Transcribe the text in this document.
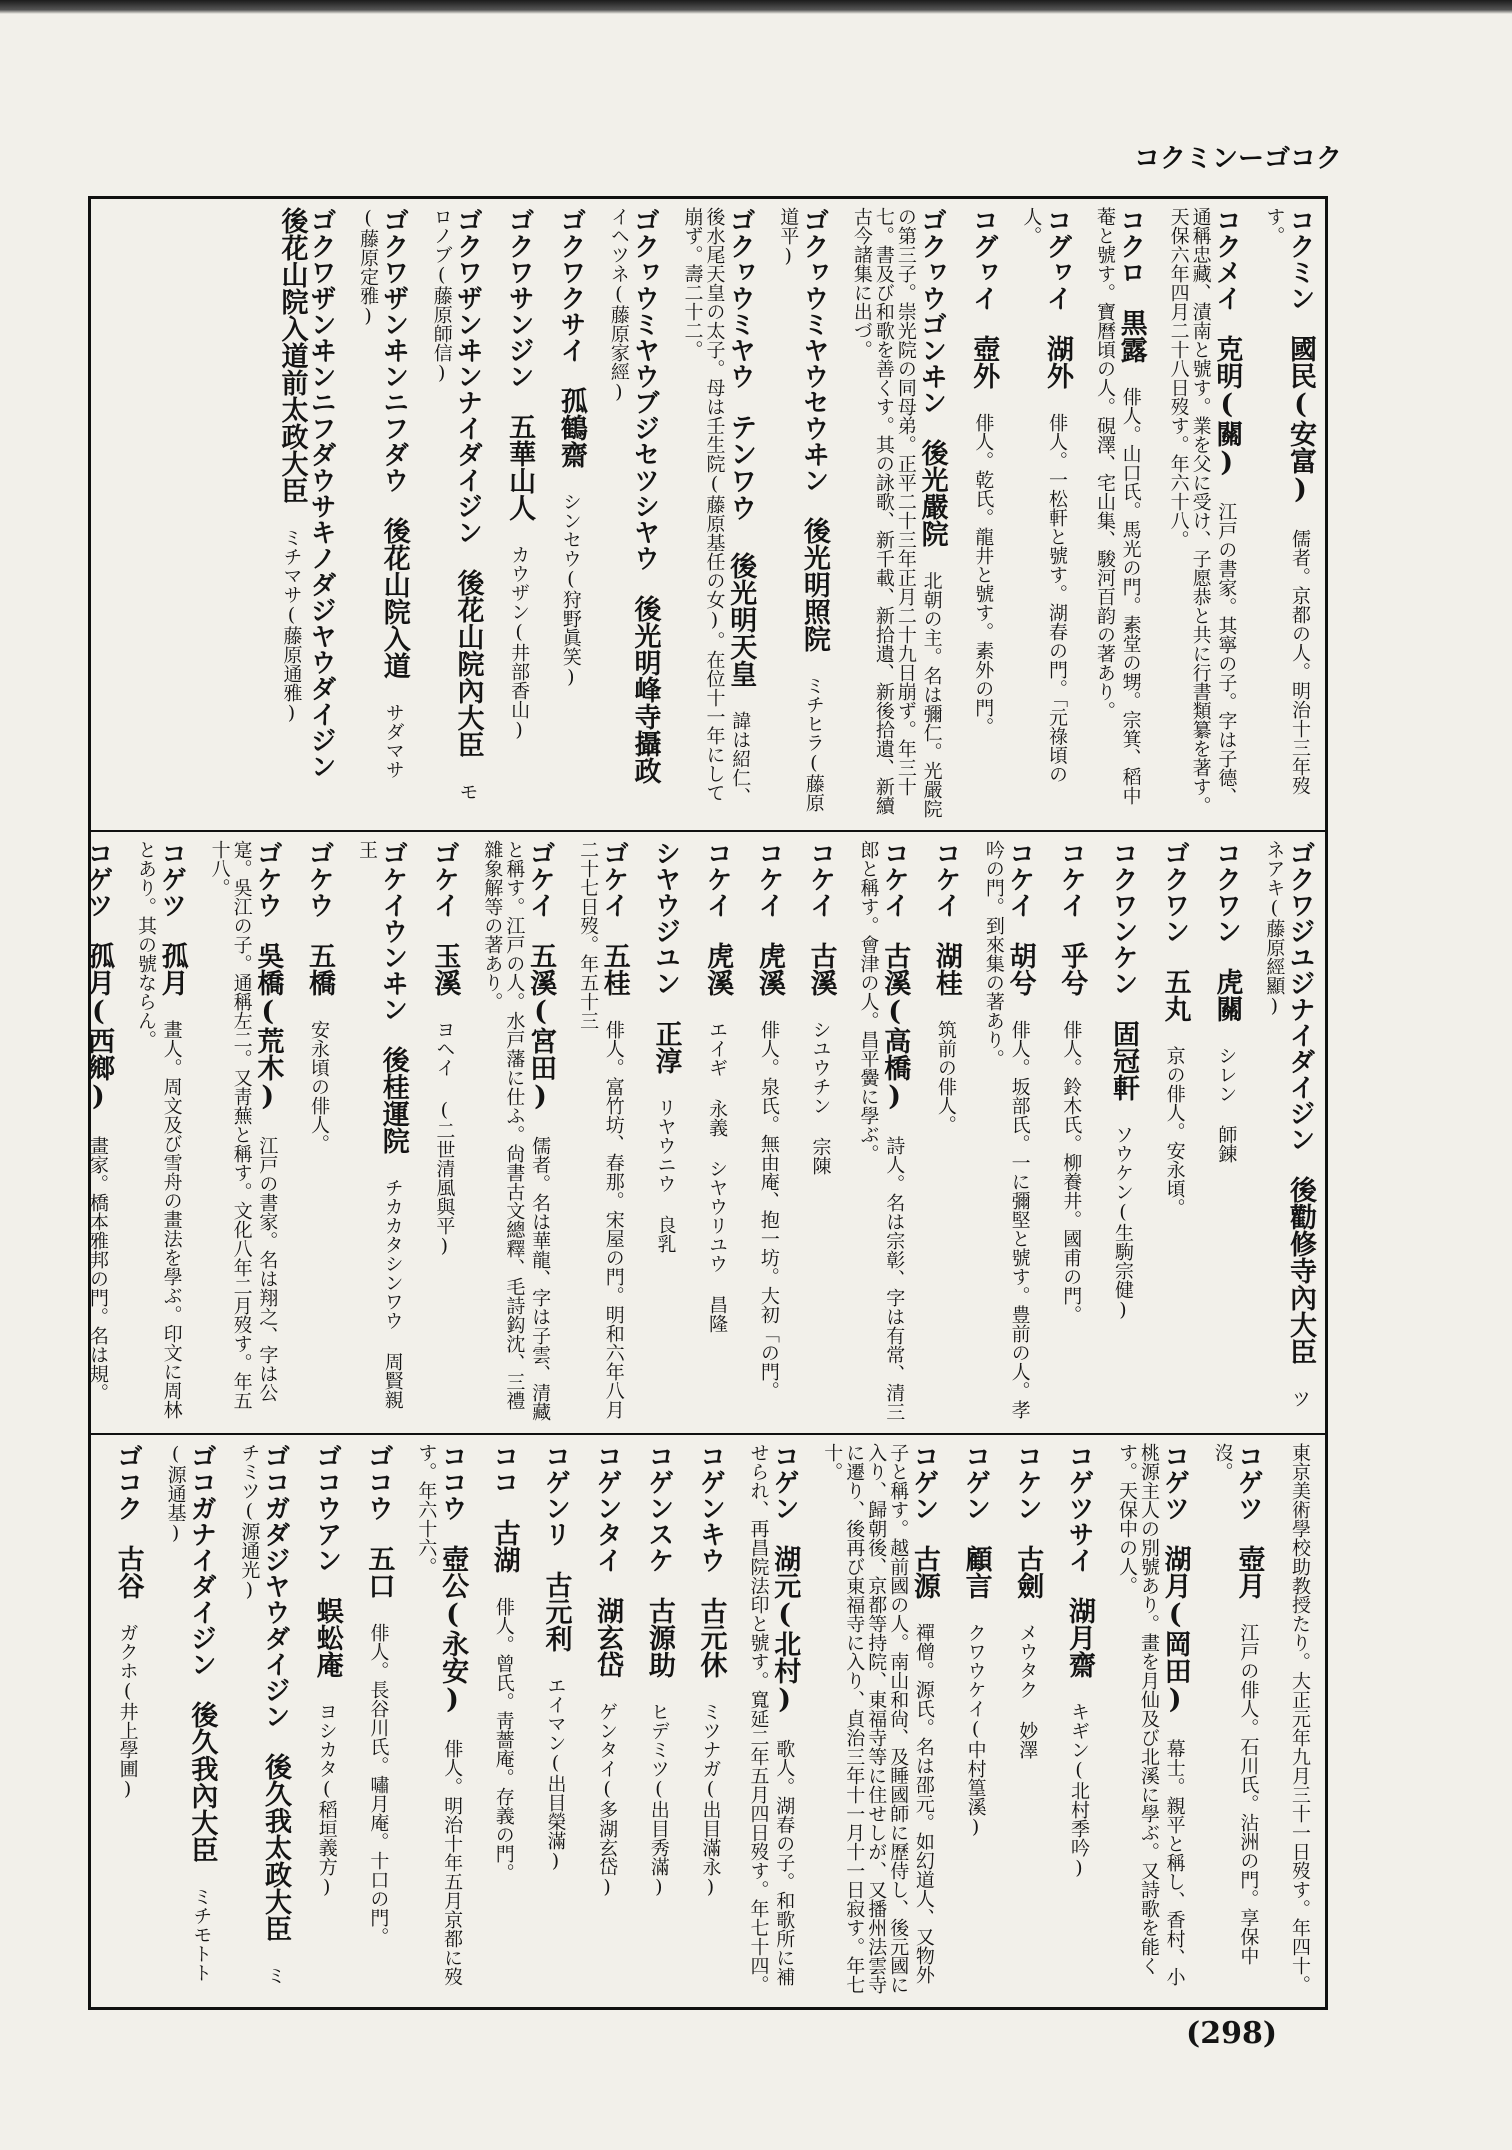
コクミンーゴコク
コクミン 國民(安富) 儒者。京都の人。明治十三年歿す。
コクメイ 克明(關) 江戸の書家。其寧の子。字は子德、通稱忠藏、漬南と號す。業を父に受け、子愿恭と共に行書類纂を著す。天保六年四月二十八日歿す。年六十八。
コクロ 黒露 俳人。山口氏。馬光の門。素堂の甥。宗箕、稻中菴と號す。寶曆頃の人。硯澤、宅山集、駿河百韵の著あり。
コグヮイ 湖外 俳人。一松軒と號す。湖春の門。「元祿頃の人。
コグヮイ 壺外 俳人。乾氏。龍井と號す。素外の門。
ゴクヮウゴンヰン 後光嚴院 北朝の主。名は彌仁。光嚴院の第三子。崇光院の同母弟。正平二十三年正月二十九日崩ず。年三十七。書及び和歌を善くす。其の詠歌、新千載、新拾遺、新後拾遺、新續古今諸集に出づ。
ゴクヮウミヤウセウヰン 後光明照院 ミチヒラ(藤原道平)
ゴクヮウミヤウ テンワウ 後光明天皇 諱は紹仁、後水尾天皇の太子。母は壬生院(藤原基任の女)。在位十一年にして崩ず。壽二十二。
ゴクヮウミヤウブジセツシヤウ 後光明峰寺攝政 イヘツネ(藤原家經)
ゴクワクサイ 孤鶴齋 シンセウ(狩野眞笑)
ゴクワサンジン 五華山人 カウザン(井部香山)
ゴクワザンヰンナイダイジン 後花山院內大臣 モロノブ(藤原師信)
ゴクワザンヰンニフダウ 後花山院入道 サダマサ(藤原定雅)
ゴクワザンヰンニフダウサキノダジヤウダイジン 後花山院入道前太政大臣 ミチマサ(藤原通雅)
ゴクワジユジナイダイジン 後勸修寺內大臣 ツネアキ(藤原經顯)
コクワン 虎關 シレン 師錬
ゴクワン 五丸 京の俳人。安永頃。
コクワンケン 固冠軒 ソウケン(生駒宗健)
コケイ 乎兮 俳人。鈴木氏。柳養井。國甫の門。
コケイ 胡兮 俳人。坂部氏。一に彌堅と號す。豊前の人。孝吟の門。到來集の著あり。
コケイ 湖桂 筑前の俳人。
コケイ 古溪(高橋) 詩人。名は宗彰、字は有常、清三郎と稱す。會津の人。昌平黌に學ぶ。
コケイ 古溪 シユウチン 宗陳
コケイ 虎溪 俳人。泉氏。無由庵、抱一坊。大初「の門。
コケイ 虎溪 エイギ 永義 シヤウリユウ 昌隆
シヤウジユン 正淳 リヤウニウ 良乳
ゴケイ 五桂 俳人。富竹坊、春那。宋屋の門。明和六年八月二十七日歿。年五十三
ゴケイ 五溪(宮田) 儒者。名は華龍、字は子雲、清藏と稱す。江戸の人。水戸藩に仕ふ。尙書古文總釋、毛詩鈎沈、三禮雜象解等の著あり。
ゴケイ 玉溪 ヨヘイ (二世清風與平)
ゴケイウンヰン 後桂運院 チカカタシンワウ 周賢親王
ゴケウ 五橋 安永頃の俳人。
ゴケウ 吳橋(荒木) 江戸の書家。名は翔之、字は公寔。吳江の子。通稱左二。又靑蕪と稱す。文化八年二月歿す。年五十八。
コゲツ 孤月 畫人。周文及び雪舟の畫法を學ぶ。印文に周林とあり。其の號ならん。
コゲツ 孤月(西鄉) 畫家。橋本雅邦の門。名は規。
東京美術學校助教授たり。大正元年九月三十一日歿す。年四十。
コゲツ 壺月 江戸の俳人。石川氏。沾洲の門。享保中沒。
コゲツ 湖月(岡田) 幕士。親平と稱し、香村、小桃源主人の別號あり。畫を月仙及び北溪に學ぶ。又詩歌を能くす。天保中の人。
コゲツサイ 湖月齋 キギン(北村季吟)
コケン 古劍 メウタク 妙澤
コゲン 顧言 クワウケイ(中村篁溪)
コゲン 古源 禪僧。源氏。名は邵元。如幻道人、又物外子と稱す。越前國の人。南山和尙、及睡國師に歷侍し、後元國に入り、歸朝後、京都等持院、東福寺等に住せしが、又播州法雲寺に遷り、後再び東福寺に入り、貞治三年十一月十一日寂す。年七十。
コゲン 湖元(北村) 歌人。湖春の子。和歌所に補せられ、再昌院法印と號す。寬延二年五月四日歿す。年七十四。
コゲンキウ 古元休 ミツナガ(出目滿永)
コゲンスケ 古源助 ヒデミツ(出目秀滿)
コゲンタイ 湖玄岱 ゲンタイ(多湖玄岱)
コゲンリ 古元利 エイマン(出目榮滿)
ココ 古湖 俳人。曾氏。靑薔庵。存義の門。
ココウ 壺公(永安) 俳人。明治十年五月京都に歿す。年六十六。
ゴコウ 五口 俳人。長谷川氏。嘯月庵。十口の門。
ゴコウアン 蜈蚣庵 ヨシカタ(稻垣義方)
ゴコガダジヤウダイジン 後久我太政大臣 ミチミツ(源通光)
ゴコガナイダイジン 後久我內大臣 ミチモトト(源通基)
ゴコク 古谷 ガクホ(井上學圃)
(298)
